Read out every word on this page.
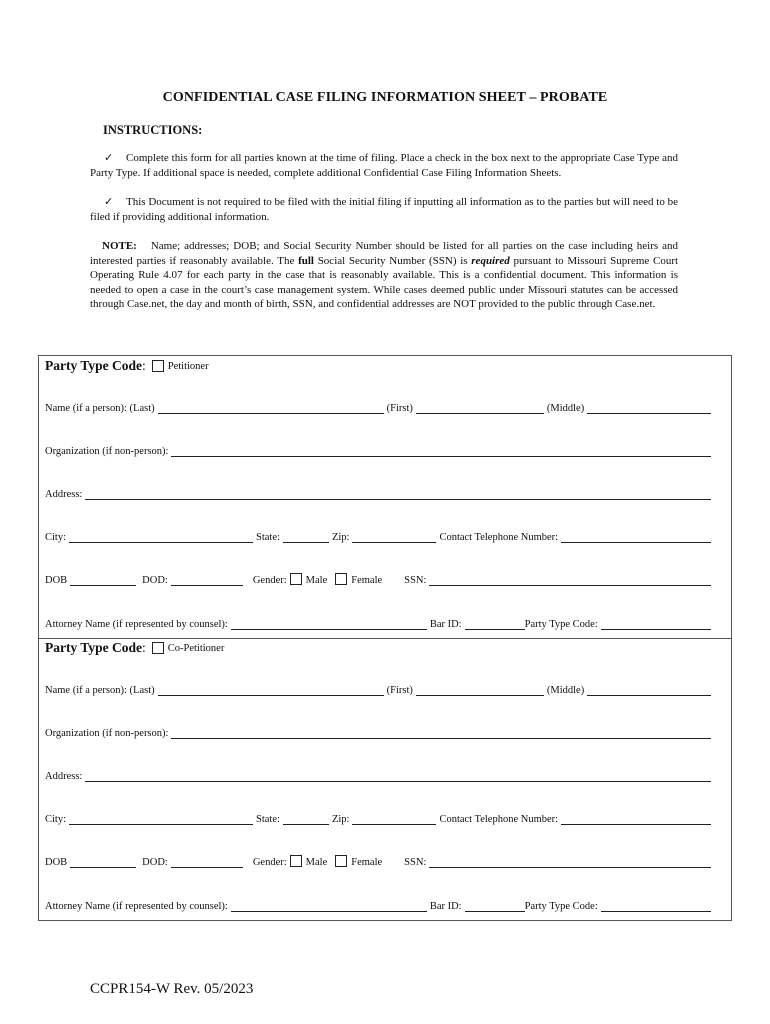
CONFIDENTIAL CASE FILING INFORMATION SHEET – PROBATE
INSTRUCTIONS:
✓ Complete this form for all parties known at the time of filing. Place a check in the box next to the appropriate Case Type and Party Type. If additional space is needed, complete additional Confidential Case Filing Information Sheets.
✓ This Document is not required to be filed with the initial filing if inputting all information as to the parties but will need to be filed if providing additional information.
NOTE: Name; addresses; DOB; and Social Security Number should be listed for all parties on the case including heirs and interested parties if reasonably available. The full Social Security Number (SSN) is required pursuant to Missouri Supreme Court Operating Rule 4.07 for each party in the case that is reasonably available. This is a confidential document. This information is needed to open a case in the court’s case management system. While cases deemed public under Missouri statutes can be accessed through Case.net, the day and month of birth, SSN, and confidential addresses are NOT provided to the public through Case.net.
Party Type Code : Petitioner
Name (if a person): (Last)	(First)	(Middle)
Organization (if non-person):
Address:
City:	State:	Zip:	Contact Telephone Number:
DOB	DOD:	Gender: Male Female SSN:
Attorney Name (if represented by counsel):	Bar ID:	Party Type Code:
Party Type Code : Co-Petitioner
Name (if a person): (Last)	(First)	(Middle)
Organization (if non-person):
Address:
City:	State:	Zip:	Contact Telephone Number:
DOB	DOD:	Gender: Male Female SSN:
Attorney Name (if represented by counsel):	Bar ID:	Party Type Code:
CCPR154-W Rev. 05/2023
